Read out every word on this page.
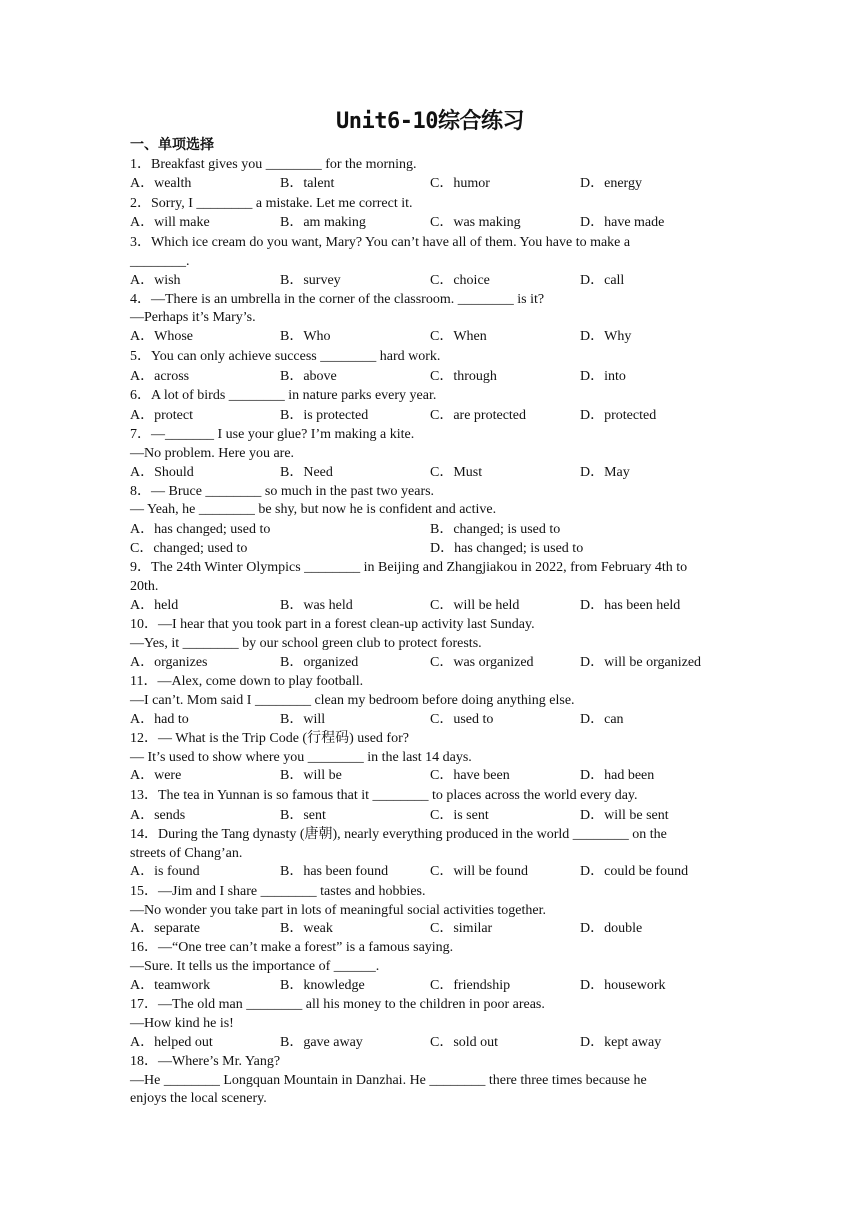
Unit6-10综合练习
一、单项选择
1．Breakfast gives you ________ for the morning.
A．wealth	B．talent	C．humor	D．energy
2．Sorry, I ________ a mistake. Let me correct it.
A．will make	B．am making	C．was making	D．have made
3．Which ice cream do you want, Mary? You can’t have all of them. You have to make a
________.
A．wish	B．survey	C．choice	D．call
4．—There is an umbrella in the corner of the classroom. ________ is it?
—Perhaps it’s Mary’s.
A．Whose	B．Who	C．When	D．Why
5．You can only achieve success ________ hard work.
A．across	B．above	C．through	D．into
6．A lot of birds ________ in nature parks every year.
A．protect	B．is protected	C．are protected	D．protected
7．—_______ I use your glue? I’m making a kite.
—No problem. Here you are.
A．Should	B．Need	C．Must	D．May
8．— Bruce ________ so much in the past two years.
— Yeah, he ________ be shy, but now he is confident and active.
A．has changed; used to	B．changed; is used to
C．changed; used to	D．has changed; is used to
9．The 24th Winter Olympics ________ in Beijing and Zhangjiakou in 2022, from February 4th to
20th.
A．held	B．was held	C．will be held	D．has been held
10．—I hear that you took part in a forest clean-up activity last Sunday.
—Yes, it ________ by our school green club to protect forests.
A．organizes	B．organized	C．was organized	D．will be organized
11．—Alex, come down to play football.
—I can’t. Mom said I ________ clean my bedroom before doing anything else.
A．had to	B．will	C．used to	D．can
12．— What is the Trip Code (行程码) used for?
— It’s used to show where you ________ in the last 14 days.
A．were	B．will be	C．have been	D．had been
13．The tea in Yunnan is so famous that it ________ to places across the world every day.
A．sends	B．sent	C．is sent	D．will be sent
14．During the Tang dynasty (唐朝), nearly everything produced in the world ________ on the
streets of Chang’an.
A．is found	B．has been found	C．will be found	D．could be found
15．—Jim and I share ________ tastes and hobbies.
—No wonder you take part in lots of meaningful social activities together.
A．separate	B．weak	C．similar	D．double
16．—“One tree can’t make a forest” is a famous saying.
—Sure. It tells us the importance of ______.
A．teamwork	B．knowledge	C．friendship	D．housework
17．—The old man ________ all his money to the children in poor areas.
—How kind he is!
A．helped out	B．gave away	C．sold out	D．kept away
18．—Where’s Mr. Yang?
—He ________ Longquan Mountain in Danzhai. He ________ there three times because he
enjoys the local scenery.
